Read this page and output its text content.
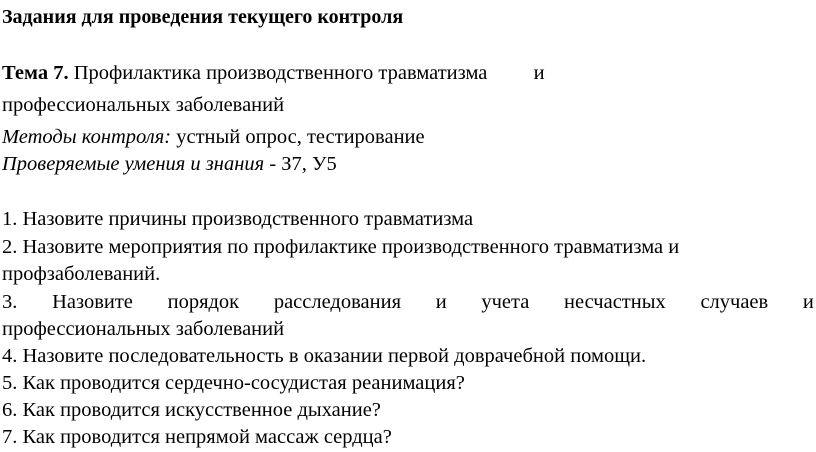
Задания для проведения текущего контроля
Тема 7. Профилактика производственного травматизма и
профессиональных заболеваний
Методы контроля: устный опрос, тестирование
Проверяемые умения и знания - З7, У5
1. Назовите причины производственного травматизма
2. Назовите мероприятия по профилактике производственного травматизма и
профзаболеваний.
3. Назовите порядок расследования и учета несчастных случаев и
профессиональных заболеваний
4. Назовите последовательность в оказании первой доврачебной помощи.
5. Как проводится сердечно-сосудистая реанимация?
6. Как проводится искусственное дыхание?
7. Как проводится непрямой массаж сердца?
